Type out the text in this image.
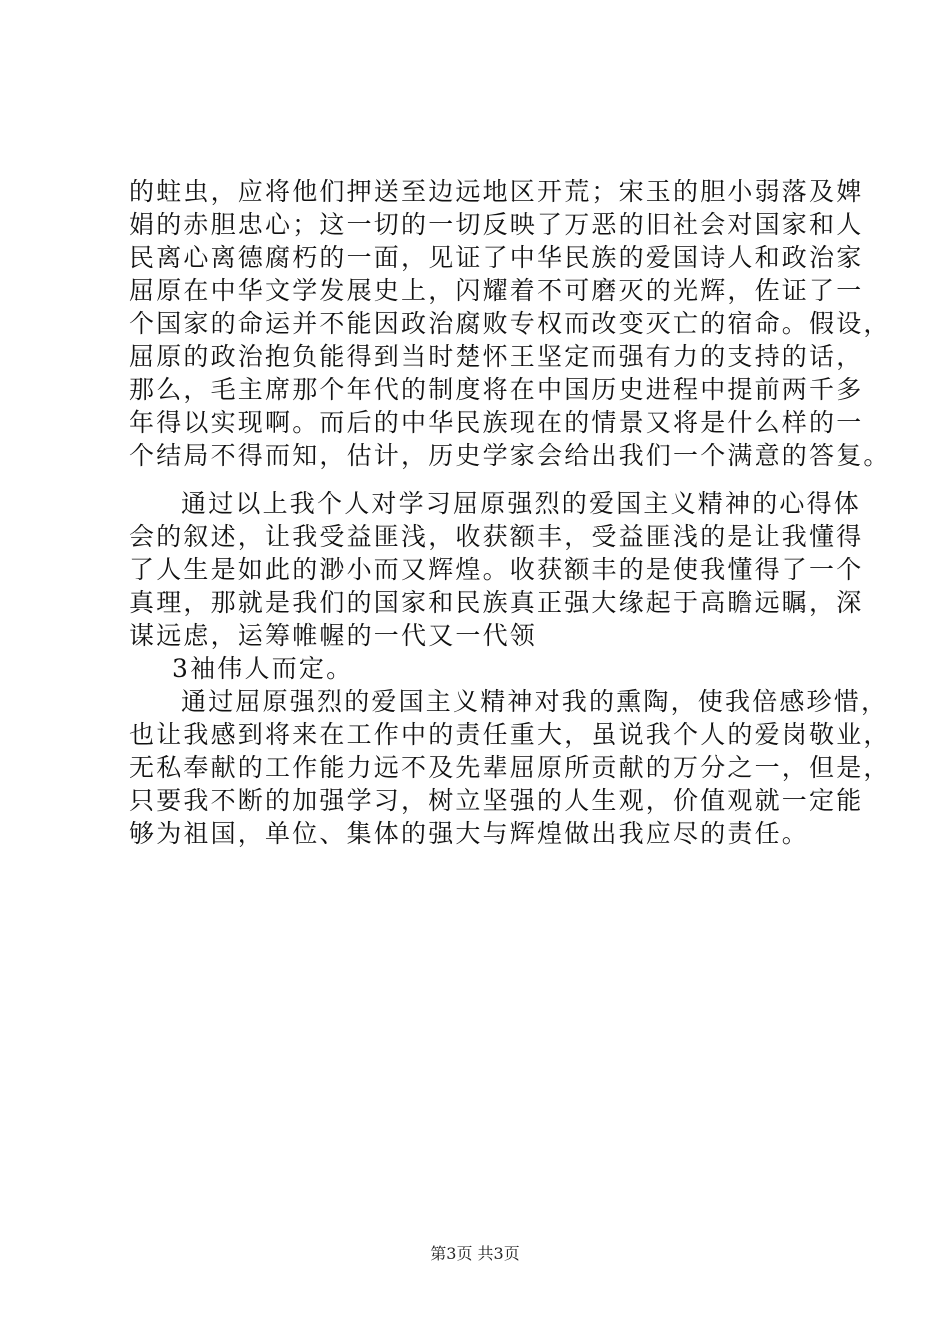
的蛀虫，应将他们押送至边远地区开荒；宋玉的胆小弱落及婢
娟的赤胆忠心；这一切的一切反映了万恶的旧社会对国家和人
民离心离德腐朽的一面，见证了中华民族的爱国诗人和政治家
屈原在中华文学发展史上，闪耀着不可磨灭的光辉，佐证了一
个国家的命运并不能因政治腐败专权而改变灭亡的宿命。假设，
屈原的政治抱负能得到当时楚怀王坚定而强有力的支持的话，
那么，毛主席那个年代的制度将在中国历史进程中提前两千多
年得以实现啊。而后的中华民族现在的情景又将是什么样的一
个结局不得而知，估计，历史学家会给出我们一个满意的答复。
通过以上我个人对学习屈原强烈的爱国主义精神的心得体
会的叙述，让我受益匪浅，收获额丰，受益匪浅的是让我懂得
了人生是如此的渺小而又辉煌。收获额丰的是使我懂得了一个
真理，那就是我们的国家和民族真正强大缘起于高瞻远瞩，深
谋远虑，运筹帷幄的一代又一代领
3袖伟人而定。
通过屈原强烈的爱国主义精神对我的熏陶，使我倍感珍惜，
也让我感到将来在工作中的责任重大，虽说我个人的爱岗敬业，
无私奉献的工作能力远不及先辈屈原所贡献的万分之一，但是，
只要我不断的加强学习，树立坚强的人生观，价值观就一定能
够为祖国，单位、集体的强大与辉煌做出我应尽的责任。
第3页 共3页
